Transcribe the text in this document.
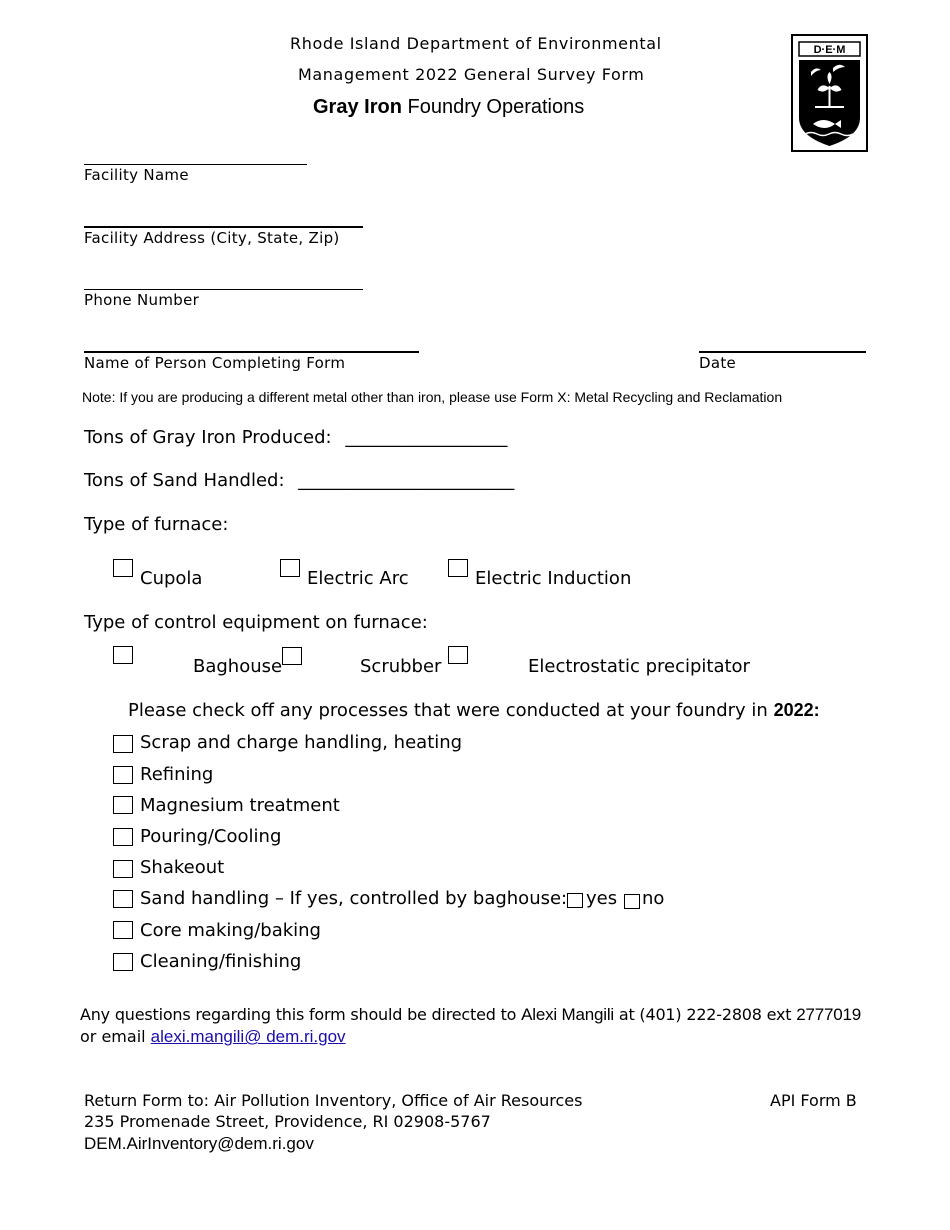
Rhode Island Department of Environmental
Management 2022 General Survey Form
Gray Iron Foundry Operations
D·E·M
Facility Name
Facility Address (City, State, Zip)
Phone Number
Name of Person Completing Form	Date
Note: If you are producing a different metal other than iron, please use Form X: Metal Recycling and Reclamation
Tons of Gray Iron Produced: __________________
Tons of Sand Handled: ________________________
Type of furnace:
Cupola	Electric Arc	Electric Induction
Type of control equipment on furnace:
Baghouse	Scrubber	Electrostatic precipitator
Please check off any processes that were conducted at your foundry in 2022:
Scrap and charge handling, heating
Refining
Magnesium treatment
Pouring/Cooling
Shakeout
Sand handling – If yes, controlled by baghouse: yes no
Core making/baking
Cleaning/finishing
Any questions regarding this form should be directed to Alexi Mangili at (401) 222-2808 ext 2777019
or email alexi.mangili@ dem.ri.gov
Return Form to: Air Pollution Inventory, Office of Air Resources
235 Promenade Street, Providence, RI 02908-5767
DEM.AirInventory@dem.ri.gov
API Form B
